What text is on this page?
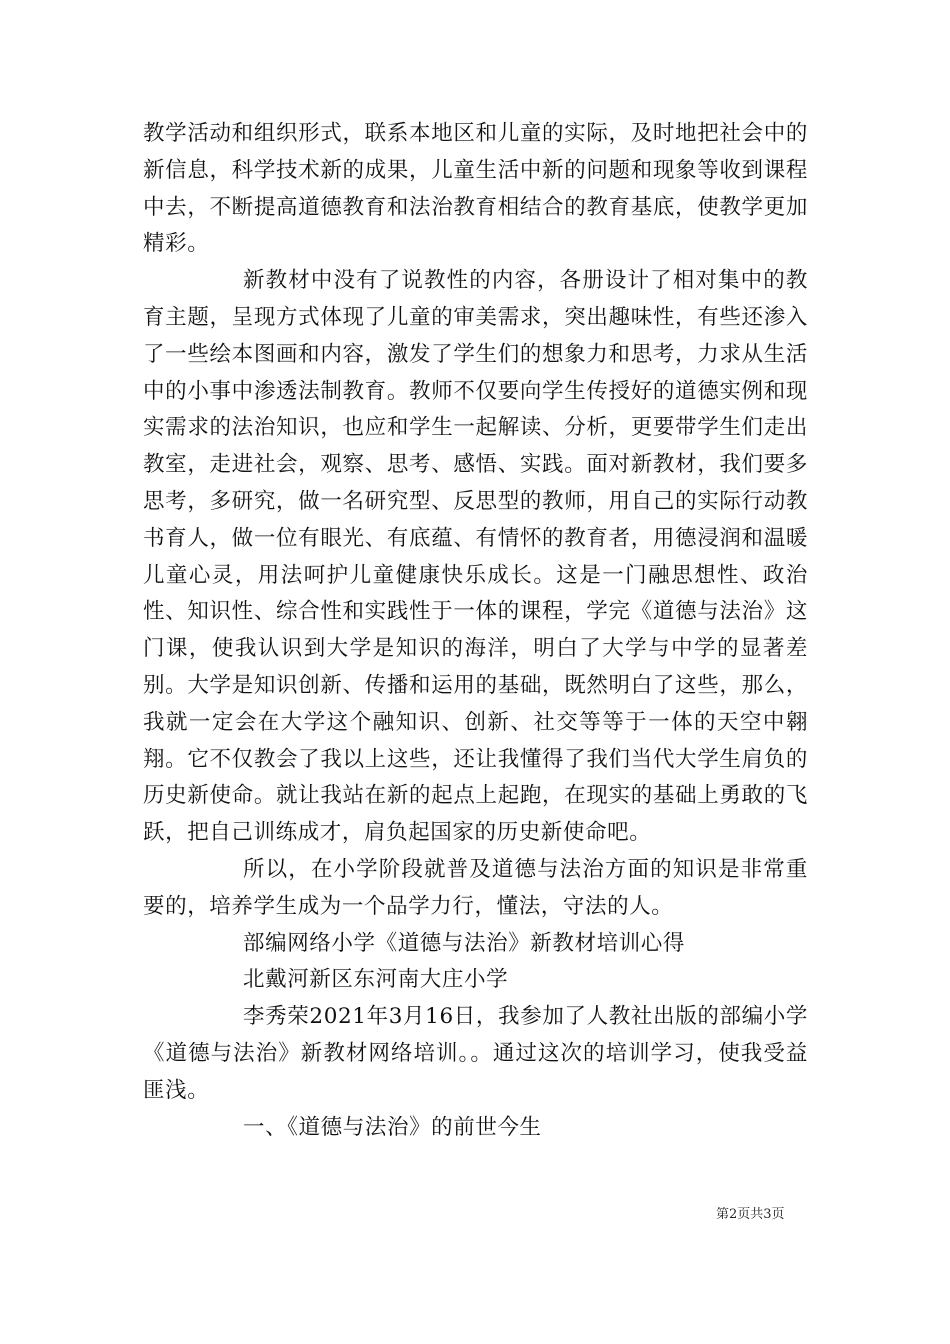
教学活动和组织形式，联系本地区和儿童的实际，及时地把社会中的新信息，科学技术新的成果，儿童生活中新的问题和现象等收到课程中去，不断提高道德教育和法治教育相结合的教育基底，使教学更加精彩。

新教材中没有了说教性的内容，各册设计了相对集中的教育主题，呈现方式体现了儿童的审美需求，突出趣味性，有些还渗入了一些绘本图画和内容，激发了学生们的想象力和思考，力求从生活中的小事中渗透法制教育。教师不仅要向学生传授好的道德实例和现实需求的法治知识，也应和学生一起解读、分析，更要带学生们走出教室，走进社会，观察、思考、感悟、实践。面对新教材，我们要多思考，多研究，做一名研究型、反思型的教师，用自己的实际行动教书育人，做一位有眼光、有底蕴、有情怀的教育者，用德浸润和温暖儿童心灵，用法呵护儿童健康快乐成长。这是一门融思想性、政治性、知识性、综合性和实践性于一体的课程，学完《道德与法治》这门课，使我认识到大学是知识的海洋，明白了大学与中学的显著差别。大学是知识创新、传播和运用的基础，既然明白了这些，那么，我就一定会在大学这个融知识、创新、社交等等于一体的天空中翱翔。它不仅教会了我以上这些，还让我懂得了我们当代大学生肩负的历史新使命。就让我站在新的起点上起跑，在现实的基础上勇敢的飞跃，把自己训练成才，肩负起国家的历史新使命吧。

所以，在小学阶段就普及道德与法治方面的知识是非常重要的，培养学生成为一个品学力行，懂法，守法的人。

部编网络小学《道德与法治》新教材培训心得

北戴河新区东河南大庄小学

李秀荣2021年3月16日，我参加了人教社出版的部编小学《道德与法治》新教材网络培训。。通过这次的培训学习，使我受益匪浅。

一、《道德与法治》的前世今生

第2页共3页
